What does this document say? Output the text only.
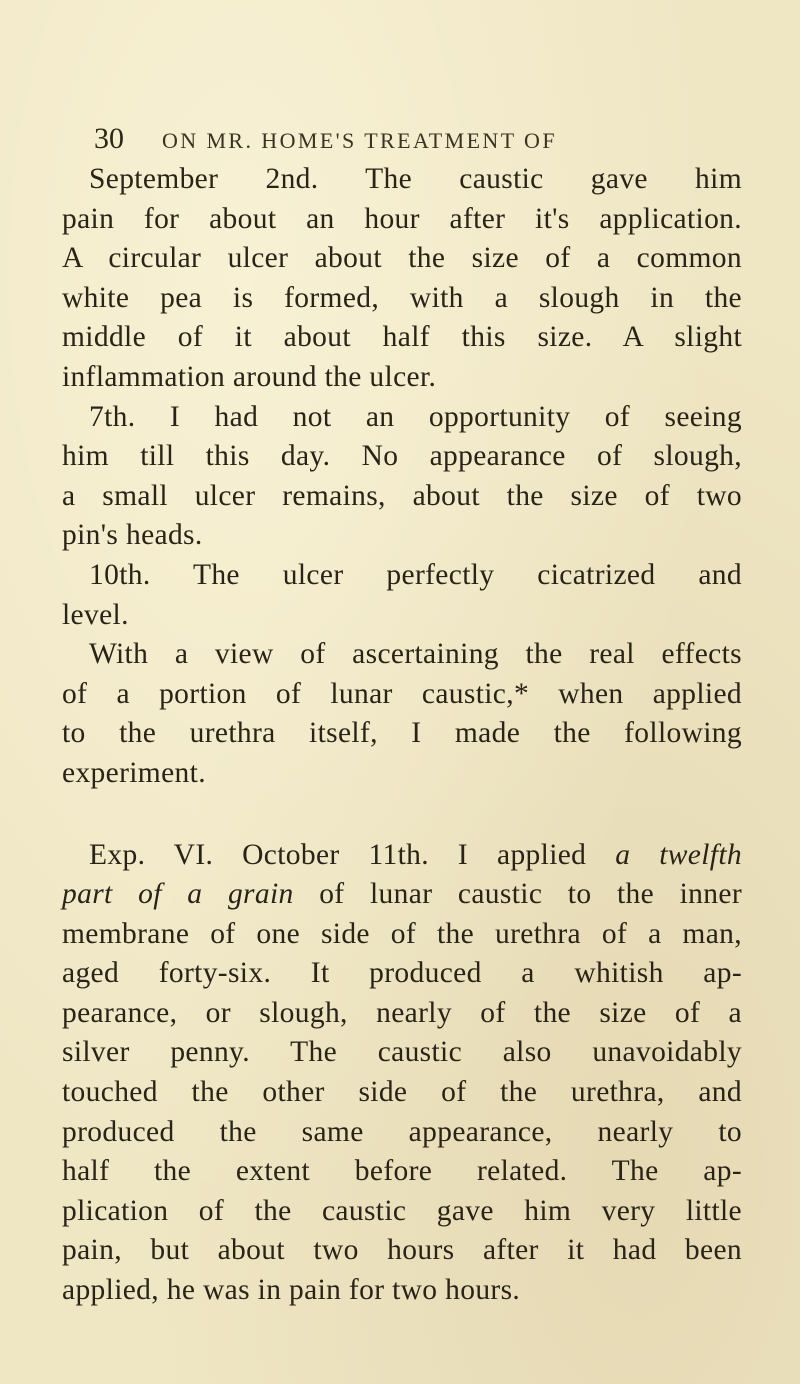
30 ON MR. HOME'S TREATMENT OF
September 2nd. The caustic gave him
pain for about an hour after it's application.
A circular ulcer about the size of a common
white pea is formed, with a slough in the
middle of it about half this size. A slight
inflammation around the ulcer.
7th. I had not an opportunity of seeing
him till this day. No appearance of slough,
a small ulcer remains, about the size of two
pin's heads.
10th. The ulcer perfectly cicatrized and
level.
With a view of ascertaining the real effects
of a portion of lunar caustic,* when applied
to the urethra itself, I made the following
experiment.
Exp. VI. October 11th. I applied a twelfth
part of a grain of lunar caustic to the inner
membrane of one side of the urethra of a man,
aged forty-six. It produced a whitish ap-
pearance, or slough, nearly of the size of a
silver penny. The caustic also unavoidably
touched the other side of the urethra, and
produced the same appearance, nearly to
half the extent before related. The ap-
plication of the caustic gave him very little
pain, but about two hours after it had been
applied, he was in pain for two hours.
